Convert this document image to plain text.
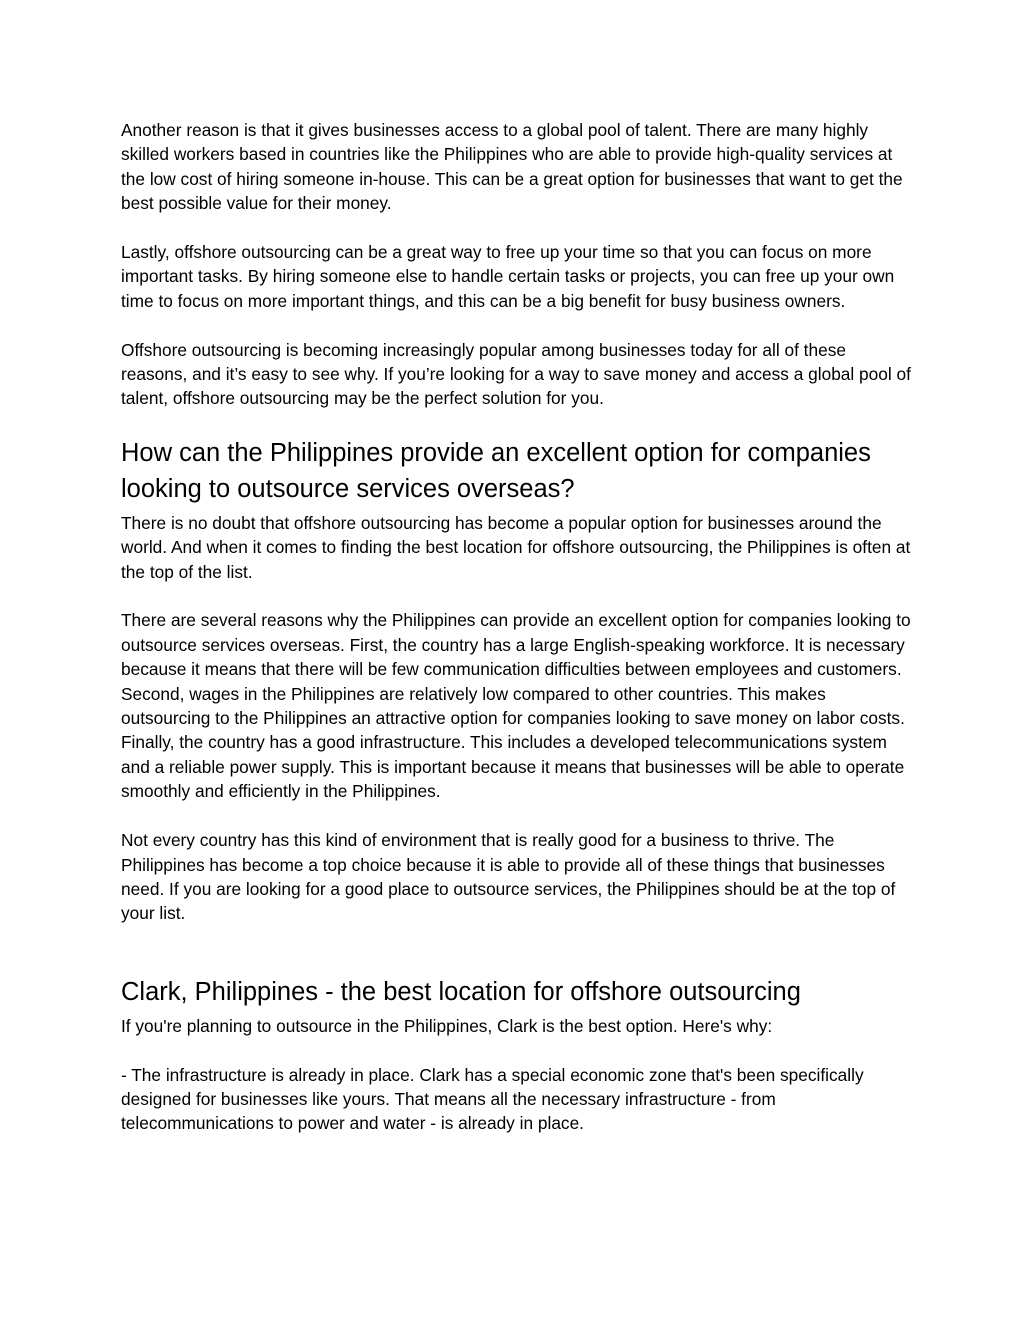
Another reason is that it gives businesses access to a global pool of talent. There are many highly skilled workers based in countries like the Philippines who are able to provide high-quality services at the low cost of hiring someone in-house. This can be a great option for businesses that want to get the best possible value for their money.

Lastly, offshore outsourcing can be a great way to free up your time so that you can focus on more important tasks. By hiring someone else to handle certain tasks or projects, you can free up your own time to focus on more important things, and this can be a big benefit for busy business owners.

Offshore outsourcing is becoming increasingly popular among businesses today for all of these reasons, and it’s easy to see why. If you’re looking for a way to save money and access a global pool of talent, offshore outsourcing may be the perfect solution for you.

How can the Philippines provide an excellent option for companies looking to outsource services overseas?

There is no doubt that offshore outsourcing has become a popular option for businesses around the world. And when it comes to finding the best location for offshore outsourcing, the Philippines is often at the top of the list.

There are several reasons why the Philippines can provide an excellent option for companies looking to outsource services overseas. First, the country has a large English-speaking workforce. It is necessary because it means that there will be few communication difficulties between employees and customers. Second, wages in the Philippines are relatively low compared to other countries. This makes outsourcing to the Philippines an attractive option for companies looking to save money on labor costs. Finally, the country has a good infrastructure. This includes a developed telecommunications system and a reliable power supply. This is important because it means that businesses will be able to operate smoothly and efficiently in the Philippines.

Not every country has this kind of environment that is really good for a business to thrive. The Philippines has become a top choice because it is able to provide all of these things that businesses need. If you are looking for a good place to outsource services, the Philippines should be at the top of your list.

Clark, Philippines - the best location for offshore outsourcing

If you're planning to outsource in the Philippines, Clark is the best option. Here's why:

- The infrastructure is already in place. Clark has a special economic zone that's been specifically designed for businesses like yours. That means all the necessary infrastructure - from telecommunications to power and water - is already in place.
